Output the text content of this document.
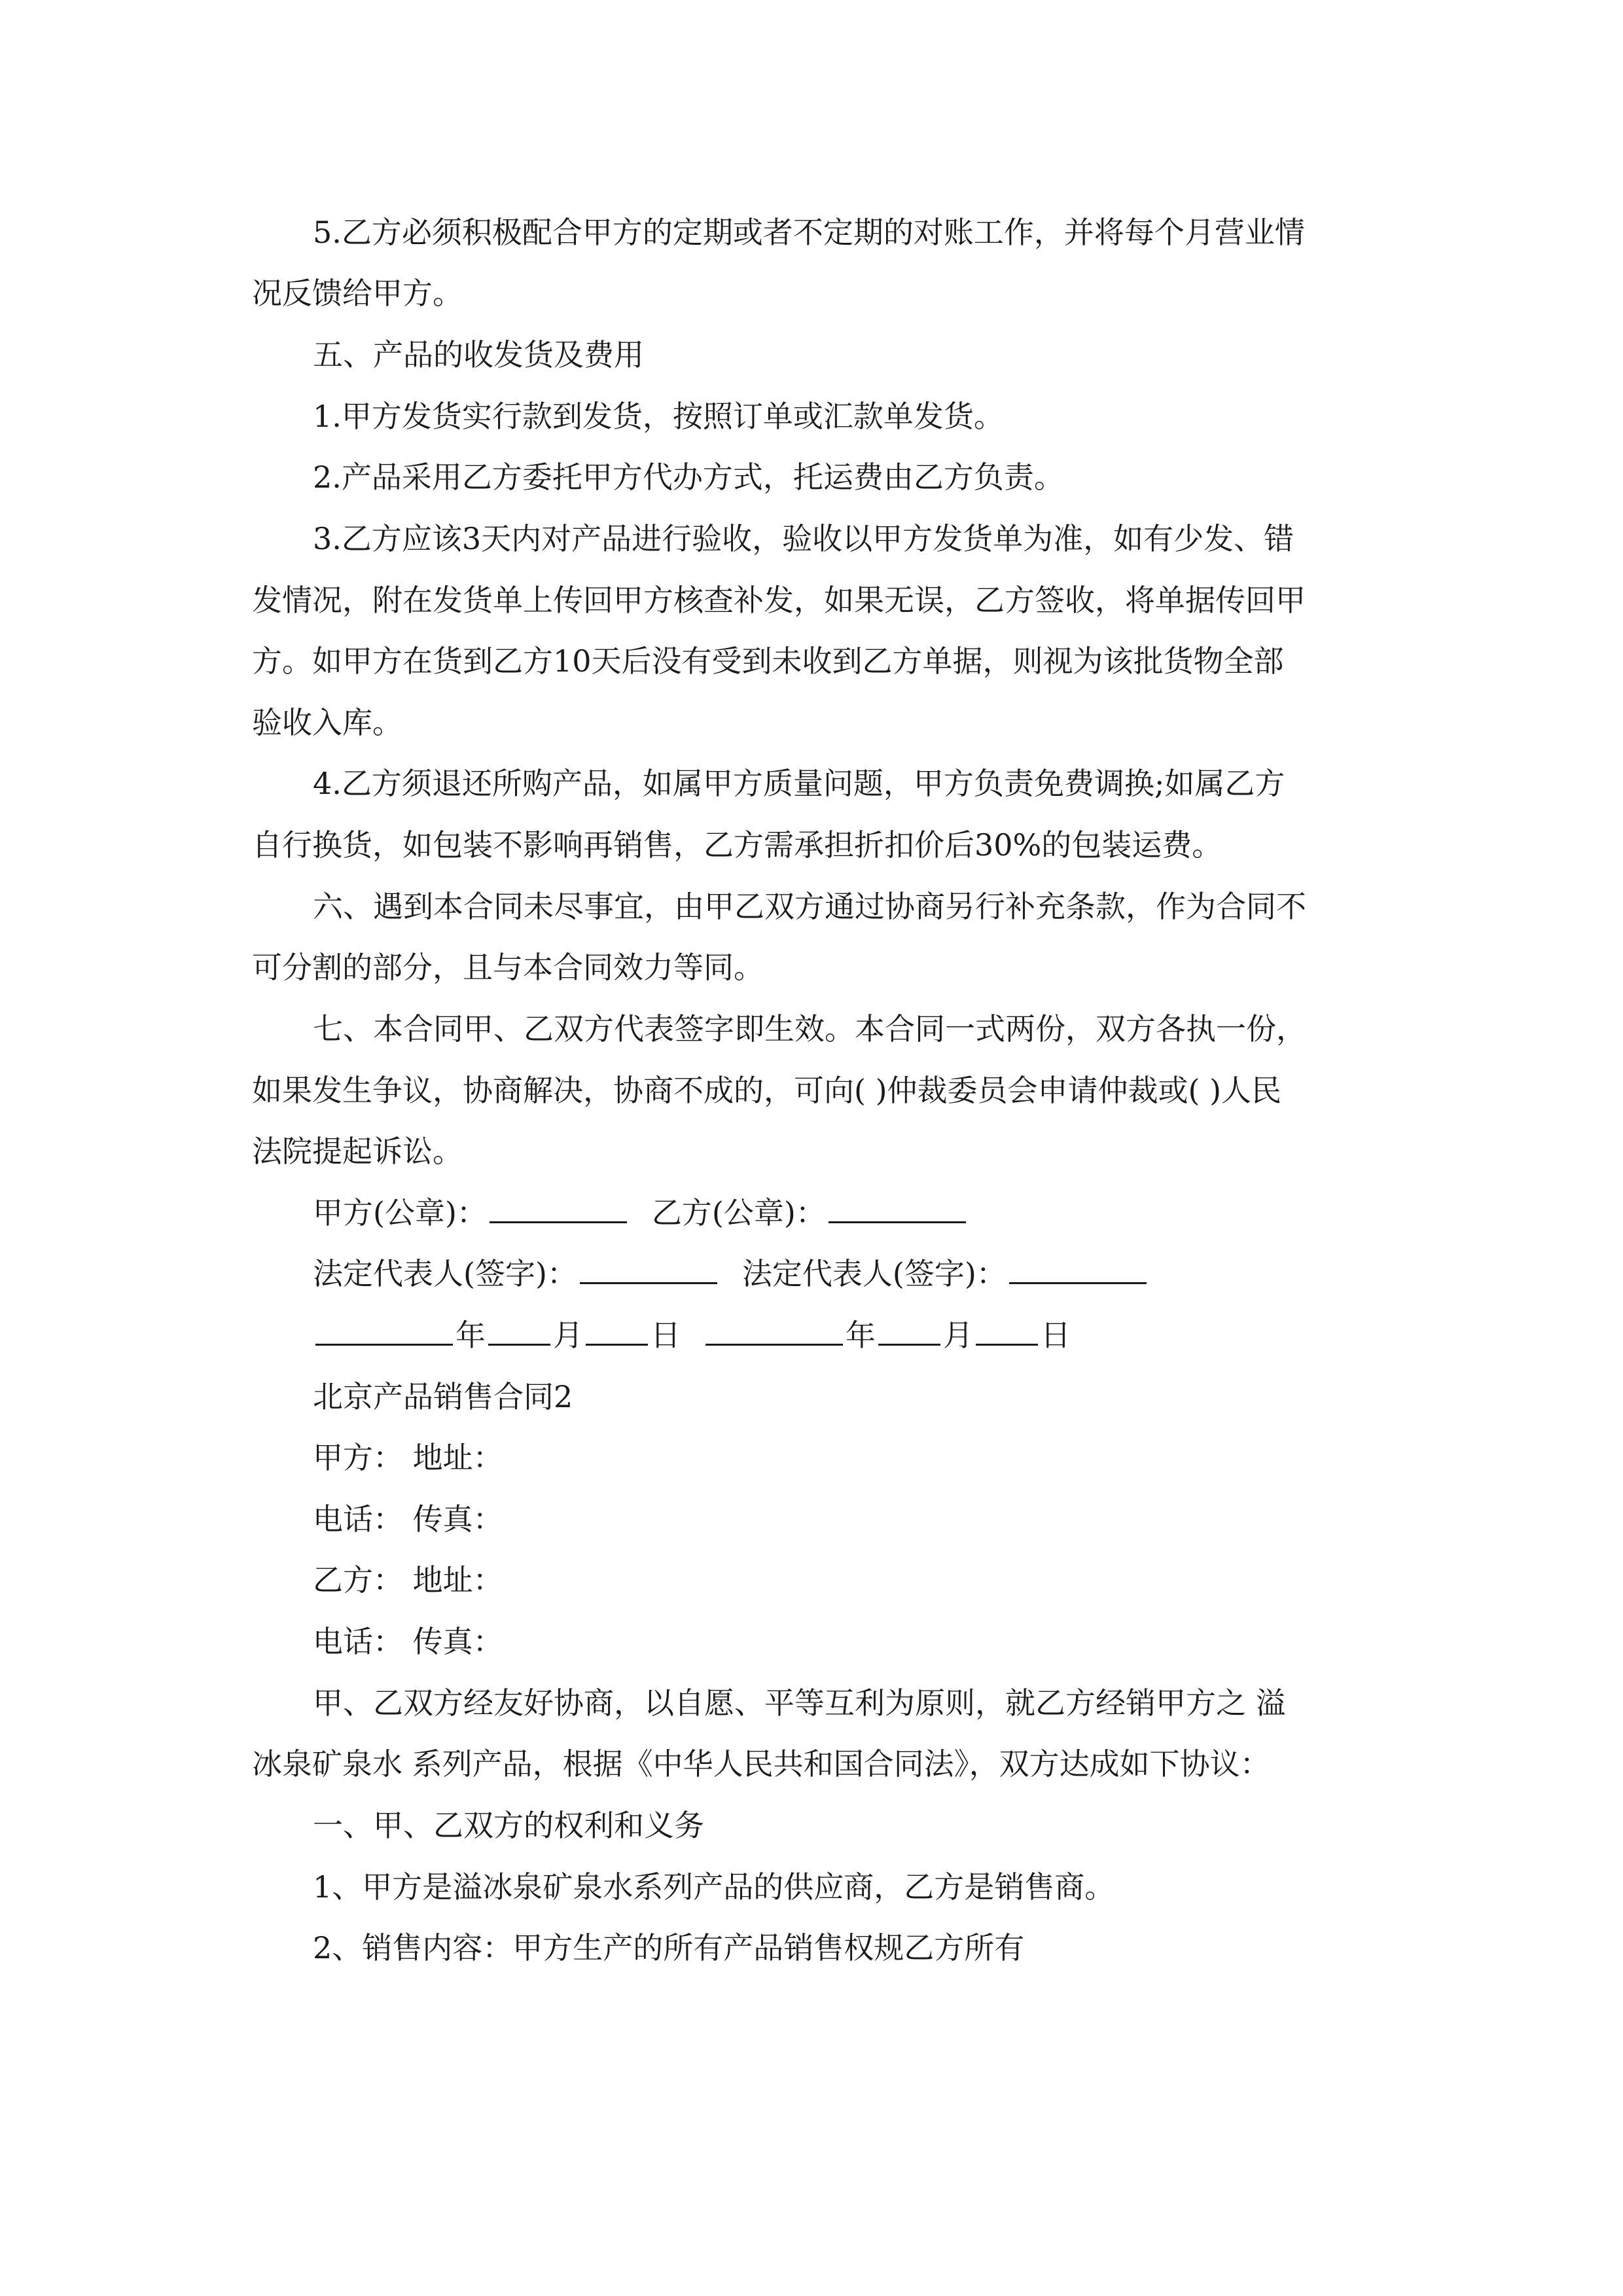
5.乙方必须积极配合甲方的定期或者不定期的对账工作，并将每个月营业情
况反馈给甲方。
五、产品的收发货及费用
1.甲方发货实行款到发货，按照订单或汇款单发货。
2.产品采用乙方委托甲方代办方式，托运费由乙方负责。
3.乙方应该3天内对产品进行验收，验收以甲方发货单为准，如有少发、错
发情况，附在发货单上传回甲方核查补发，如果无误，乙方签收，将单据传回甲
方。如甲方在货到乙方10天后没有受到未收到乙方单据，则视为该批货物全部
验收入库。
4.乙方须退还所购产品，如属甲方质量问题，甲方负责免费调换;如属乙方
自行换货，如包装不影响再销售，乙方需承担折扣价后30%的包装运费。
六、遇到本合同未尽事宜，由甲乙双方通过协商另行补充条款，作为合同不
可分割的部分，且与本合同效力等同。
七、本合同甲、乙双方代表签字即生效。本合同一式两份，双方各执一份，
如果发生争议，协商解决，协商不成的，可向( )仲裁委员会申请仲裁或( )人民
法院提起诉讼。
甲方(公章)：	乙方(公章)：
法定代表人(签字)：	法定代表人(签字)：
年 月 日	年 月 日
北京产品销售合同2
甲方： 地址：
电话： 传真：
乙方： 地址：
电话： 传真：
甲、乙双方经友好协商，以自愿、平等互利为原则，就乙方经销甲方之 溢
冰泉矿泉水 系列产品，根据《中华人民共和国合同法》，双方达成如下协议：
一、甲、乙双方的权利和义务
1、甲方是溢冰泉矿泉水系列产品的供应商，乙方是销售商。
2、销售内容：甲方生产的所有产品销售权规乙方所有
